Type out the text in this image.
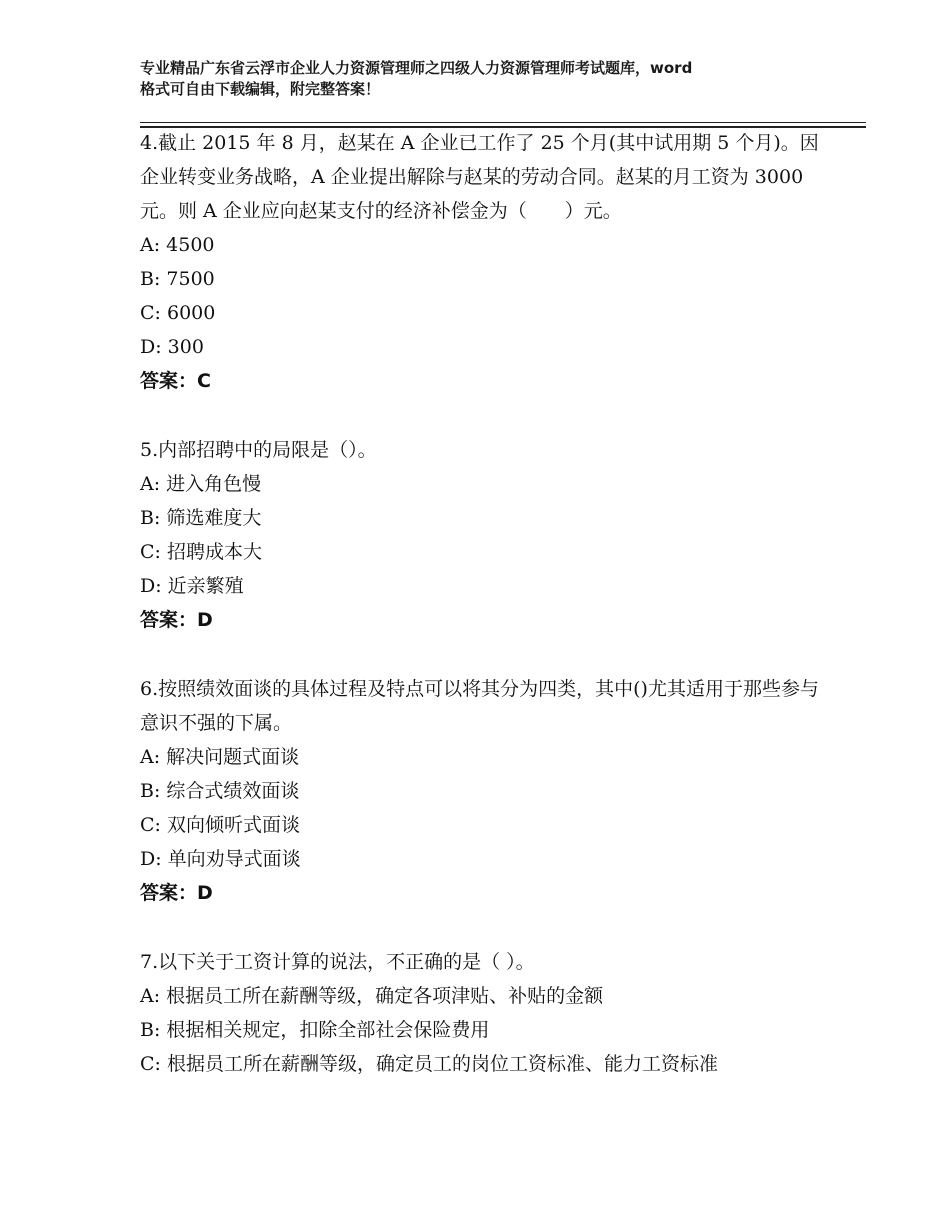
专业精品广东省云浮市企业人力资源管理师之四级人力资源管理师考试题库，word
格式可自由下载编辑，附完整答案！

4.截止 2015 年 8 月，赵某在 A 企业已工作了 25 个月(其中试用期 5 个月)。因企业转变业务战略，A 企业提出解除与赵某的劳动合同。赵某的月工资为 3000 元。则 A 企业应向赵某支付的经济补偿金为（　　）元。

A: 4500

B: 7500

C: 6000

D: 300

答案：C

5.内部招聘中的局限是（）。

A: 进入角色慢

B: 筛选难度大

C: 招聘成本大

D: 近亲繁殖

答案：D

6.按照绩效面谈的具体过程及特点可以将其分为四类，其中()尤其适用于那些参与意识不强的下属。

A: 解决问题式面谈

B: 综合式绩效面谈

C: 双向倾听式面谈

D: 单向劝导式面谈

答案：D

7.以下关于工资计算的说法，不正确的是（ ）。

A: 根据员工所在薪酬等级，确定各项津贴、补贴的金额

B: 根据相关规定，扣除全部社会保险费用

C: 根据员工所在薪酬等级，确定员工的岗位工资标准、能力工资标准
